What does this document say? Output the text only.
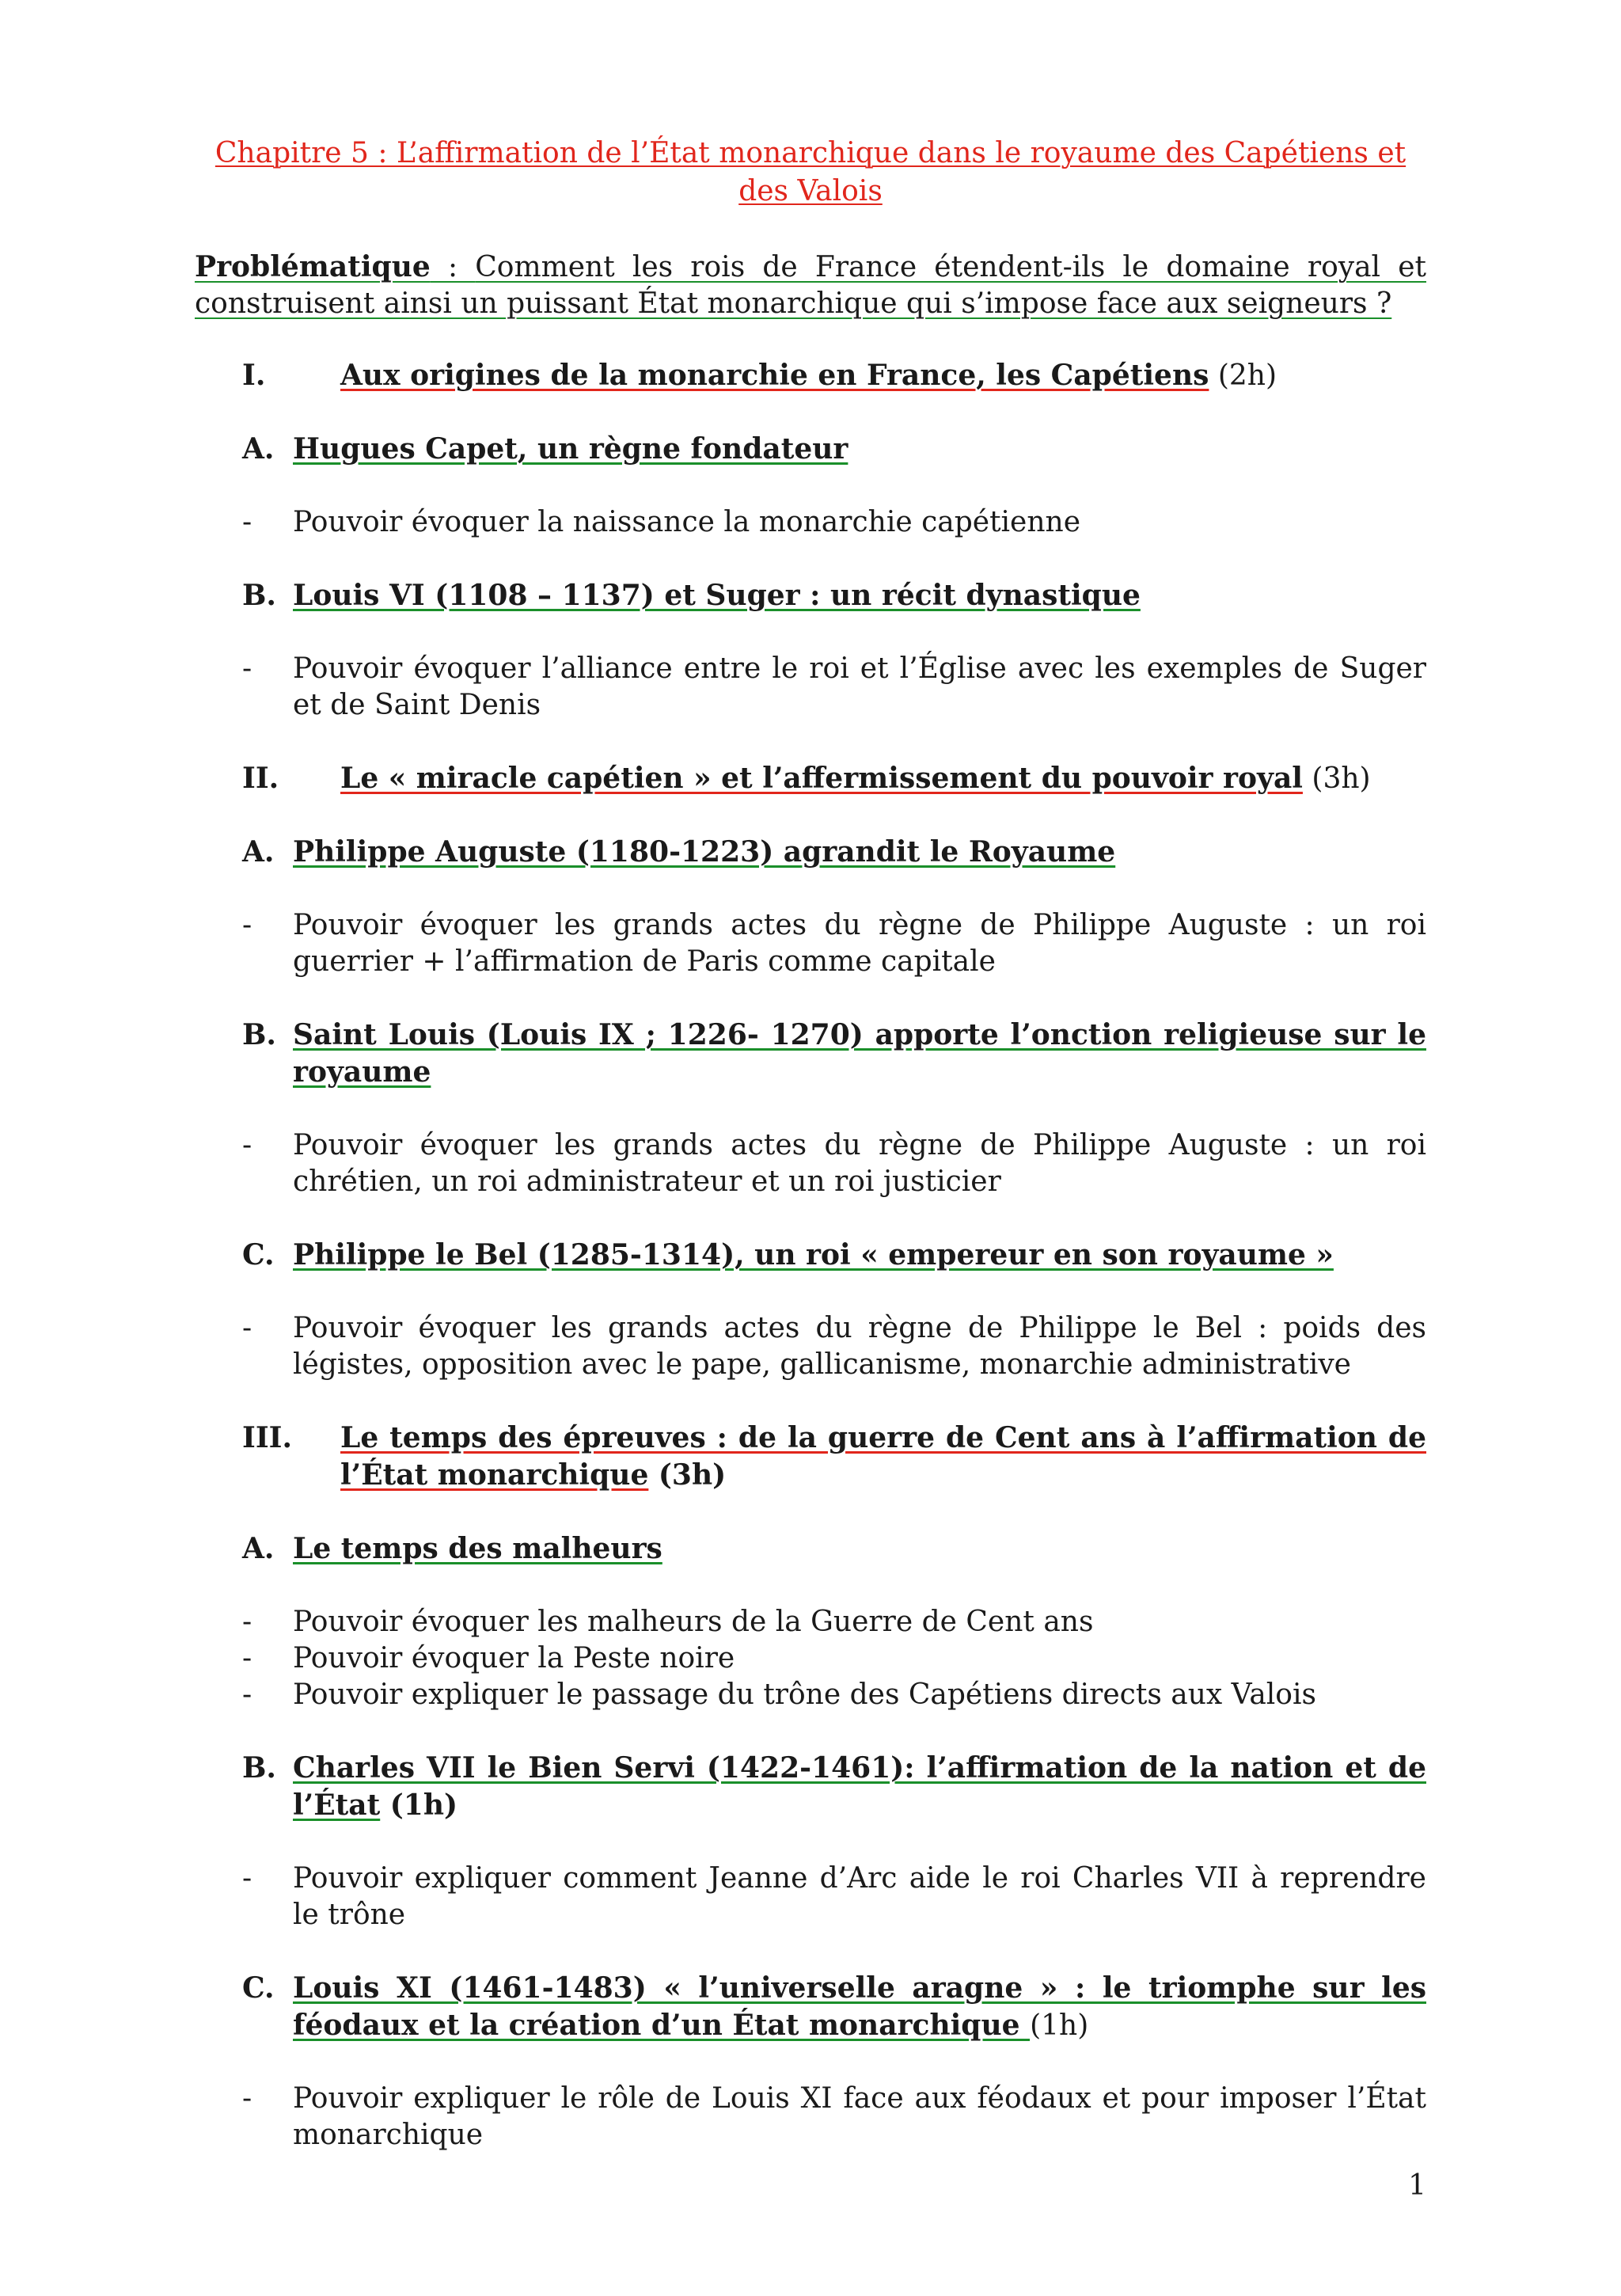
Chapitre 5 : L’affirmation de l’État monarchique dans le royaume des Capétiens et des Valois
Problématique : Comment les rois de France étendent-ils le domaine royal et construisent ainsi un puissant État monarchique qui s’impose face aux seigneurs ?
I.	Aux origines de la monarchie en France, les Capétiens (2h)
A. Hugues Capet, un règne fondateur
-	Pouvoir évoquer la naissance la monarchie capétienne
B. Louis VI (1108 – 1137) et Suger : un récit dynastique
-	Pouvoir évoquer l’alliance entre le roi et l’Église avec les exemples de Suger et de Saint Denis
II.	Le « miracle capétien » et l’affermissement du pouvoir royal (3h)
A. Philippe Auguste (1180-1223) agrandit le Royaume
-	Pouvoir évoquer les grands actes du règne de Philippe Auguste : un roi guerrier + l’affirmation de Paris comme capitale
B. Saint Louis (Louis IX ; 1226- 1270) apporte l’onction religieuse sur le royaume
-	Pouvoir évoquer les grands actes du règne de Philippe Auguste : un roi chrétien, un roi administrateur et un roi justicier
C. Philippe le Bel (1285-1314), un roi « empereur en son royaume »
-	Pouvoir évoquer les grands actes du règne de Philippe le Bel : poids des légistes, opposition avec le pape, gallicanisme, monarchie administrative
III.	Le temps des épreuves : de la guerre de Cent ans à l’affirmation de l’État monarchique (3h)
A. Le temps des malheurs
-	Pouvoir évoquer les malheurs de la Guerre de Cent ans
-	Pouvoir évoquer la Peste noire
-	Pouvoir expliquer le passage du trône des Capétiens directs aux Valois
B. Charles VII le Bien Servi (1422-1461): l’affirmation de la nation et de l’État (1h)
-	Pouvoir expliquer comment Jeanne d’Arc aide le roi Charles VII à reprendre le trône
C. Louis XI (1461-1483) « l’universelle aragne » : le triomphe sur les féodaux et la création d’un État monarchique (1h)
-	Pouvoir expliquer le rôle de Louis XI face aux féodaux et pour imposer l’État monarchique
1
